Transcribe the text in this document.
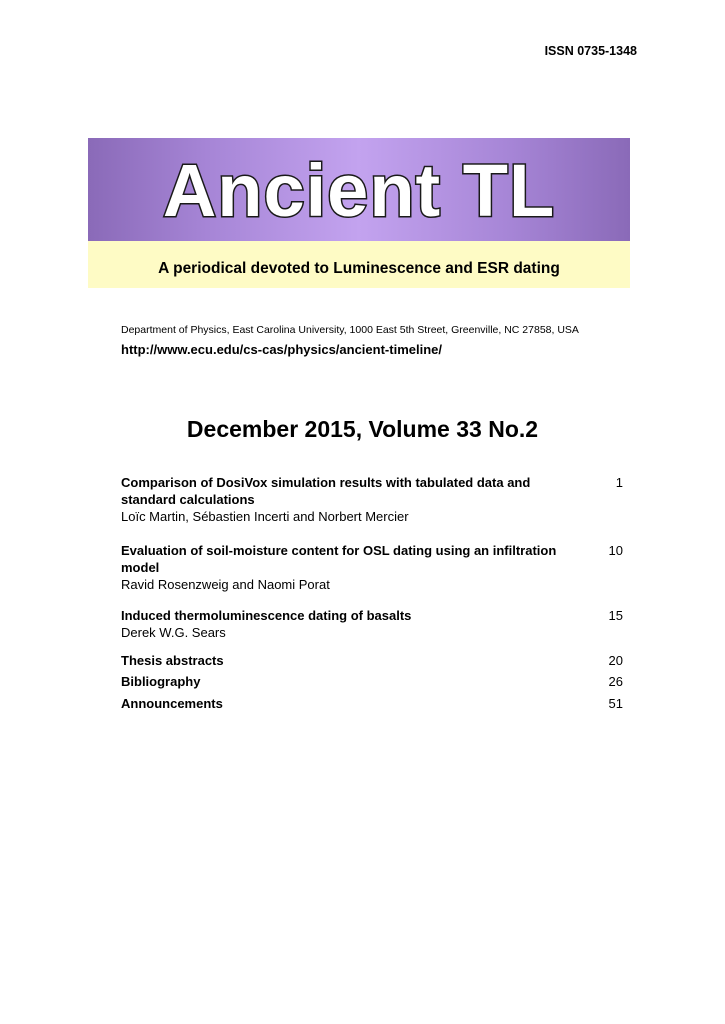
ISSN 0735-1348
Ancient TL
A periodical devoted to Luminescence and ESR dating
Department of Physics, East Carolina University, 1000 East 5th Street, Greenville, NC 27858, USA
http://www.ecu.edu/cs-cas/physics/ancient-timeline/
December 2015, Volume 33 No.2
Comparison of DosiVox simulation results with tabulated data and standard calculations
Loïc Martin, Sébastien Incerti and Norbert Mercier
1
Evaluation of soil-moisture content for OSL dating using an infiltration model
Ravid Rosenzweig and Naomi Porat
10
Induced thermoluminescence dating of basalts
Derek W.G. Sears
15
Thesis abstracts	20
Bibliography	26
Announcements	51
